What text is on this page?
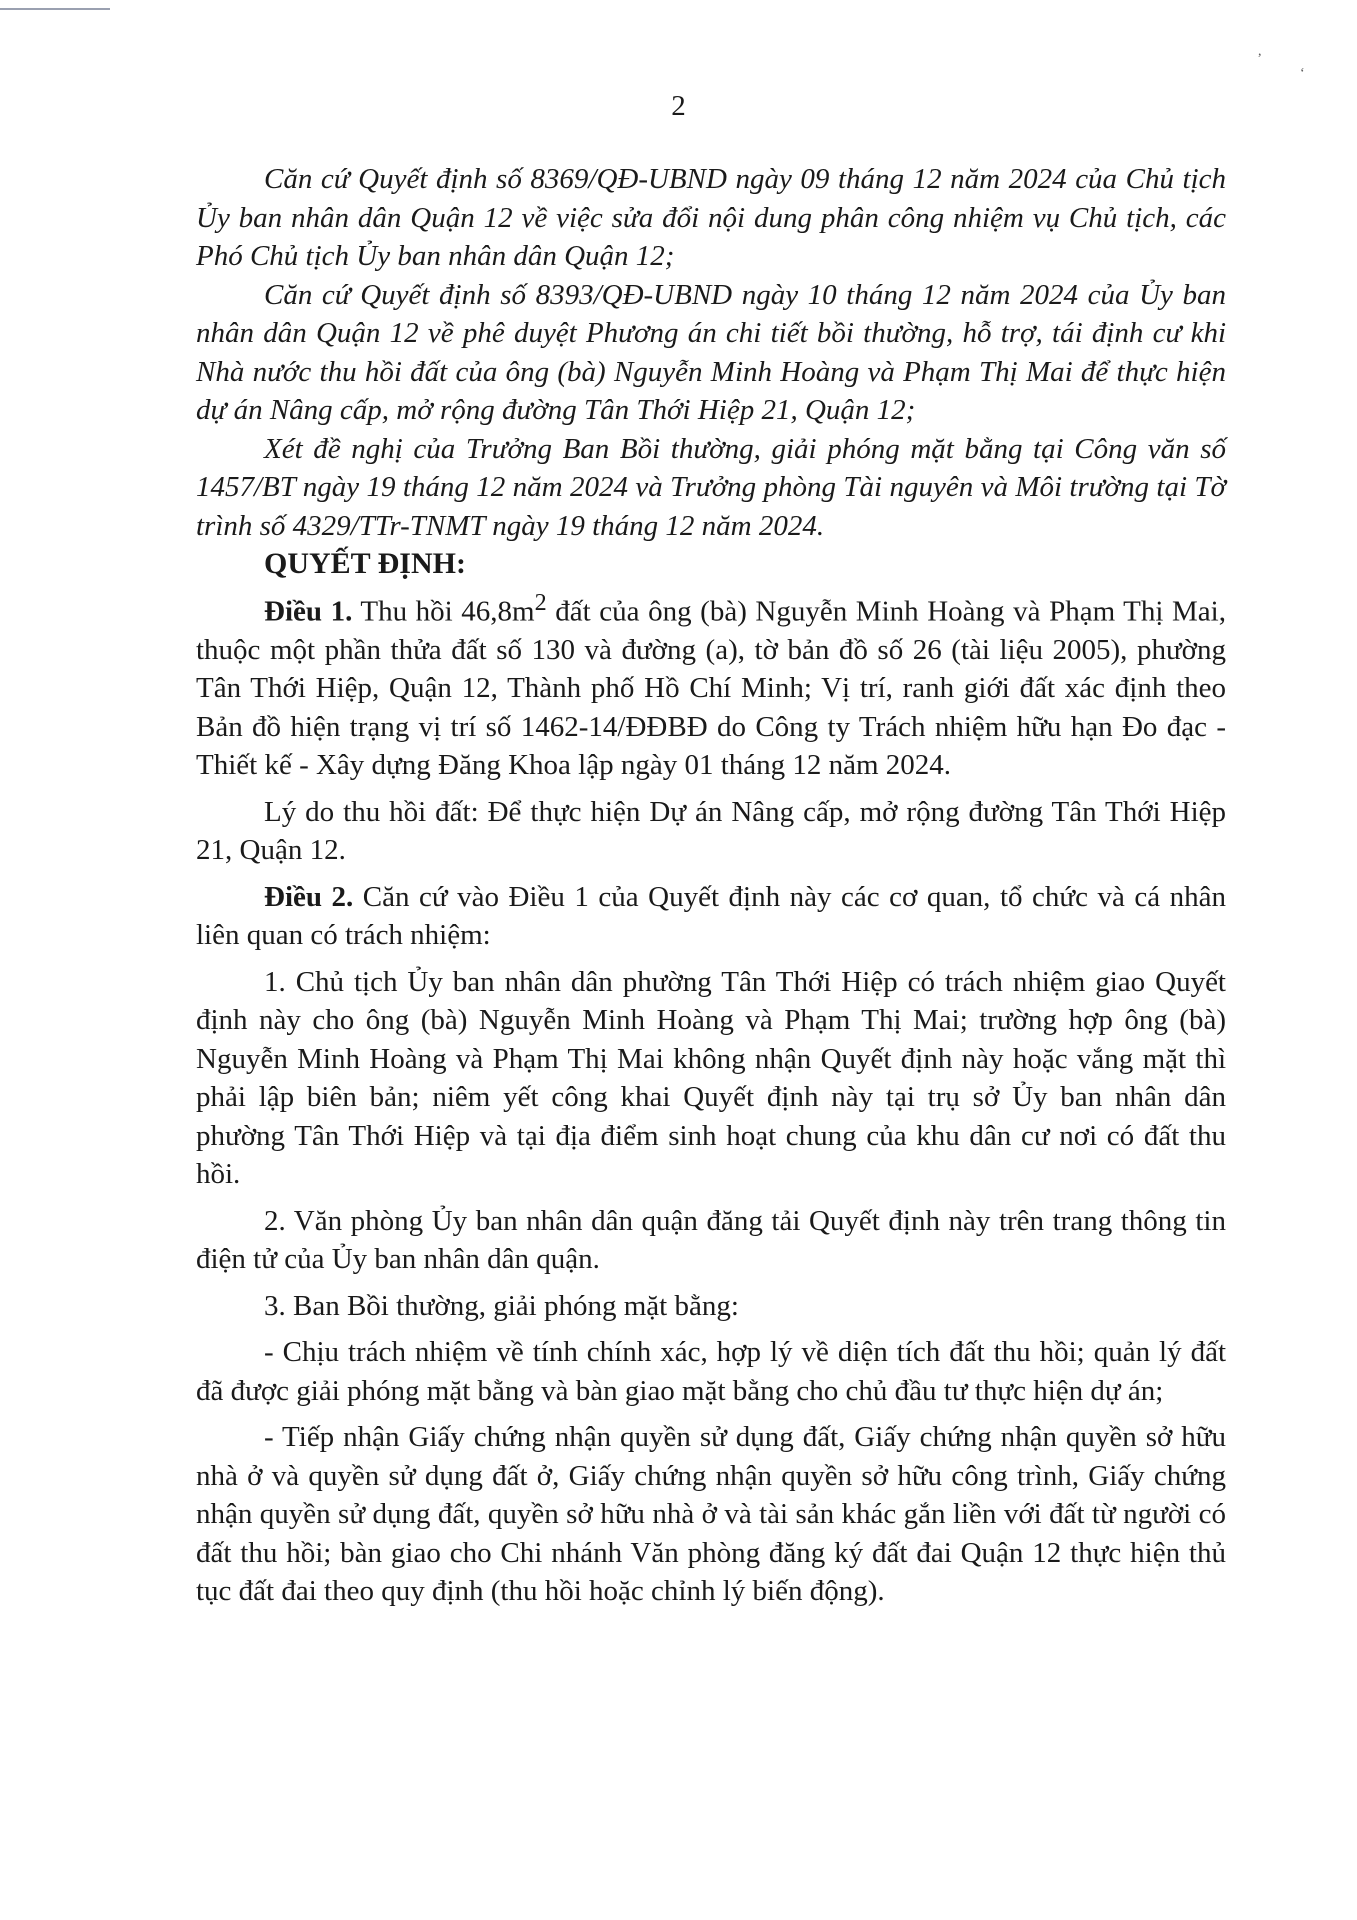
,
‘
2

Căn cứ Quyết định số 8369/QĐ-UBND ngày 09 tháng 12 năm 2024 của Chủ tịch Ủy ban nhân dân Quận 12 về việc sửa đổi nội dung phân công nhiệm vụ Chủ tịch, các Phó Chủ tịch Ủy ban nhân dân Quận 12;

Căn cứ Quyết định số 8393/QĐ-UBND ngày 10 tháng 12 năm 2024 của Ủy ban nhân dân Quận 12 về phê duyệt Phương án chi tiết bồi thường, hỗ trợ, tái định cư khi Nhà nước thu hồi đất của ông (bà) Nguyễn Minh Hoàng và Phạm Thị Mai để thực hiện dự án Nâng cấp, mở rộng đường Tân Thới Hiệp 21, Quận 12;

Xét đề nghị của Trưởng Ban Bồi thường, giải phóng mặt bằng tại Công văn số 1457/BT ngày 19 tháng 12 năm 2024 và Trưởng phòng Tài nguyên và Môi trường tại Tờ trình số 4329/TTr-TNMT ngày 19 tháng 12 năm 2024.

QUYẾT ĐỊNH:

Điều 1. Thu hồi $46,8m^2$ đất của ông (bà) Nguyễn Minh Hoàng và Phạm Thị Mai, thuộc một phần thửa đất số 130 và đường (a), tờ bản đồ số 26 (tài liệu 2005), phường Tân Thới Hiệp, Quận 12, Thành phố Hồ Chí Minh; Vị trí, ranh giới đất xác định theo Bản đồ hiện trạng vị trí số 1462-14/ĐĐBĐ do Công ty Trách nhiệm hữu hạn Đo đạc - Thiết kế - Xây dựng Đăng Khoa lập ngày 01 tháng 12 năm 2024.

Lý do thu hồi đất: Để thực hiện Dự án Nâng cấp, mở rộng đường Tân Thới Hiệp 21, Quận 12.

Điều 2. Căn cứ vào Điều 1 của Quyết định này các cơ quan, tổ chức và cá nhân liên quan có trách nhiệm:

1. Chủ tịch Ủy ban nhân dân phường Tân Thới Hiệp có trách nhiệm giao Quyết định này cho ông (bà) Nguyễn Minh Hoàng và Phạm Thị Mai; trường hợp ông (bà) Nguyễn Minh Hoàng và Phạm Thị Mai không nhận Quyết định này hoặc vắng mặt thì phải lập biên bản; niêm yết công khai Quyết định này tại trụ sở Ủy ban nhân dân phường Tân Thới Hiệp và tại địa điểm sinh hoạt chung của khu dân cư nơi có đất thu hồi.

2. Văn phòng Ủy ban nhân dân quận đăng tải Quyết định này trên trang thông tin điện tử của Ủy ban nhân dân quận.

3. Ban Bồi thường, giải phóng mặt bằng:

- Chịu trách nhiệm về tính chính xác, hợp lý về diện tích đất thu hồi; quản lý đất đã được giải phóng mặt bằng và bàn giao mặt bằng cho chủ đầu tư thực hiện dự án;

- Tiếp nhận Giấy chứng nhận quyền sử dụng đất, Giấy chứng nhận quyền sở hữu nhà ở và quyền sử dụng đất ở, Giấy chứng nhận quyền sở hữu công trình, Giấy chứng nhận quyền sử dụng đất, quyền sở hữu nhà ở và tài sản khác gắn liền với đất từ người có đất thu hồi; bàn giao cho Chi nhánh Văn phòng đăng ký đất đai Quận 12 thực hiện thủ tục đất đai theo quy định (thu hồi hoặc chỉnh lý biến động).
